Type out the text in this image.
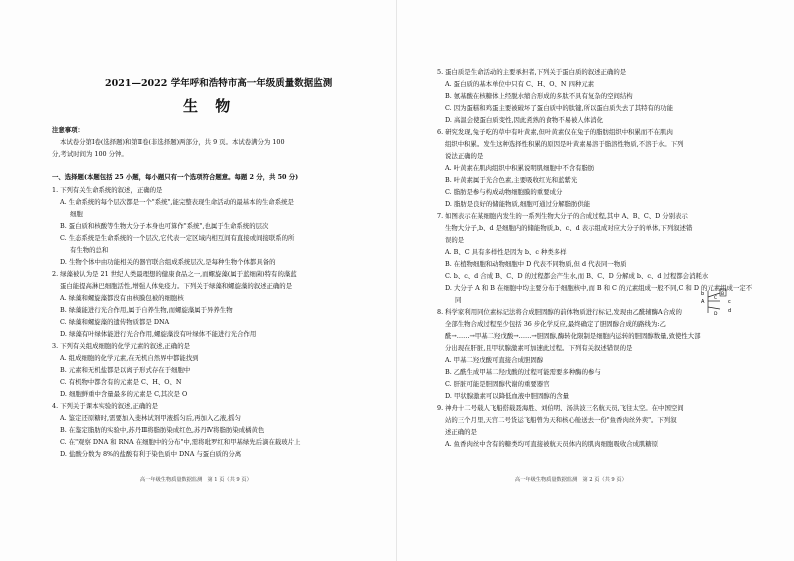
2021—2022 学年呼和浩特市高一年级质量数据监测
生 物
注意事项：
本试卷分第Ⅰ卷(选择题)和第Ⅱ卷(非选择题)两部分，共 9 页。本试卷满分为 100
分,考试时间为 100 分钟。
一、选择题(本题包括 25 小题，每小题只有一个选项符合题意。每题 2 分，共 50 分)
1. 下列有关生命系统的叙述，正确的是
A. 生命系统的每个层次都是一个"系统",能完整表现生命活动的最基本的生命系统是
细胞
B. 蛋白质和核酸等生物大分子本身也可算作"系统",也属于生命系统的层次
C. 生态系统是生命系统的一个层次,它代表一定区域内相互间有直接或间接联系的所
有生物的总和
D. 生物个体中由功能相关的器官联合组成系统层次,是每种生物个体都具备的
2. 绿藻被认为是 21 世纪人类最理想的健康食品之一,而螺旋藻(属于蓝细菌)特有的藻蓝
蛋白能提高淋巴细胞活性,增强人体免疫力。下列关于绿藻和螺旋藻的叙述正确的是
A. 绿藻和螺旋藻都没有由核膜包被的细胞核
B. 绿藻能进行光合作用,属于自养生物,而螺旋藻属于异养生物
C. 绿藻和螺旋藻的遗传物质都是 DNA
D. 绿藻有叶绿体能进行光合作用,螺旋藻没有叶绿体不能进行光合作用
3. 下列有关组成细胞的化学元素的叙述,正确的是
A. 组成细胞的化学元素,在无机自然界中都能找到
B. 元素和无机盐都是以离子形式存在于细胞中
C. 有机物中都含有的元素是 C、H、O、N
D. 细胞鲜重中含量最多的元素是 C,其次是 O
4. 下列关于课本实验的叙述,正确的是
A. 鉴定还原糖时,需要加入斐林试剂甲液摇匀后,再加入乙液,摇匀
B. 在鉴定脂肪的实验中,苏丹Ⅲ将脂肪染成红色,苏丹Ⅳ将脂肪染成橘黄色
C. 在"观察 DNA 和 RNA 在细胞中的分布"中,需将吡罗红和甲基绿先后滴在载玻片上
D. 盐酸分数为 8%的盐酸有利于染色质中 DNA 与蛋白质的分离
高一年级生物质量数据监测　第 1 页（共 9 页）
5. 蛋白质是生命活动的主要承担者,下列关于蛋白质的叙述正确的是
A. 蛋白质的基本单位中只有 C、H、O、N 四种元素
B. 氨基酸在核糖体上经脱水缩合形成的多肽不具有复杂的空间结构
C. 因为蛋糕和鸡蛋主要被破坏了蛋白质中的肽键,所以蛋白质失去了其特有的功能
D. 高温会使蛋白质变性,因此煮熟的食物不易被人体消化
6. 研究发现,兔子吃的草中有叶黄素,但叶黄素仅在兔子的脂肪组织中积累而不在肌肉
组织中积累。发生这种选择性积累的原因是叶黄素易溶于脂溶性物质,不溶于水。下列
说法正确的是
A. 叶黄素在肌肉组织中积累说明肌细胞中不含有脂肪
B. 叶黄素属于光合色素,主要吸收红光和蓝紫光
C. 脂肪是参与构成动物细胞膜的重要成分
D. 脂肪是良好的储能物质,细胞可通过分解脂肪供能
7. 如图表示在某细胞内发生的一系列生物大分子的合成过程,其中 A、B、C、D 分别表示
生物大分子,b、d 是细胞内的储能物质,b、c、d 表示组成对应大分子的单体,下列叙述错
误的是
A. B、C 具有多样性是因为 b、c 种类多样
B. 在植物细胞和动物细胞中 D 代表不同物质,但 d 代表同一物质
C. b、c、d 合成 B、C、D 的过程都会产生水,而 B、C、D 分解成 b、c、d 过程都会消耗水
D. 大分子 A 和 B 在细胞中均主要分布于细胞核中,而 B 和 C 的元素组成一般不同,C 和 D 的元素组成一定不
同
8. 科学家利用同位素标记法将合成胆固醇的前体物质进行标记,发现由乙酰辅酶A合成的
全部生物合成过程至少包括 36 步化学反应,最终确定了胆固醇合成的路线为:乙
酰→……→甲基二羟戊酸→……→胆固醇,酶转化限制是细胞内运转的胆固醇数量,致使性大部
分出现在肝脏,且甲状腺激素可加速此过程。下列有关叙述错误的是
A. 甲基二羟戊酸可直接合成胆固醇
B. 乙酰生成甲基二羟戊酸的过程可能需要多种酶的参与
C. 肝脏可能是胆固醇代谢的重要器官
D. 甲状腺激素可以降低血液中胆固醇的含量
9. 神舟十二号载人飞船搭载聂海胜、刘伯明、汤洪波三名航天员,飞往太空。在中国空间
站的三个月里,天宫二号货运飞船曾为天和核心舱送去一份"鱼香肉丝外卖"。下列叙
述正确的是
A. 鱼香肉丝中含有的糖类均可直接被航天员体内的肌肉细胞吸收合成肌糖原
高一年级生物质量数据监测　第 2 页（共 9 页）
b
c
d
A
B
C
D
